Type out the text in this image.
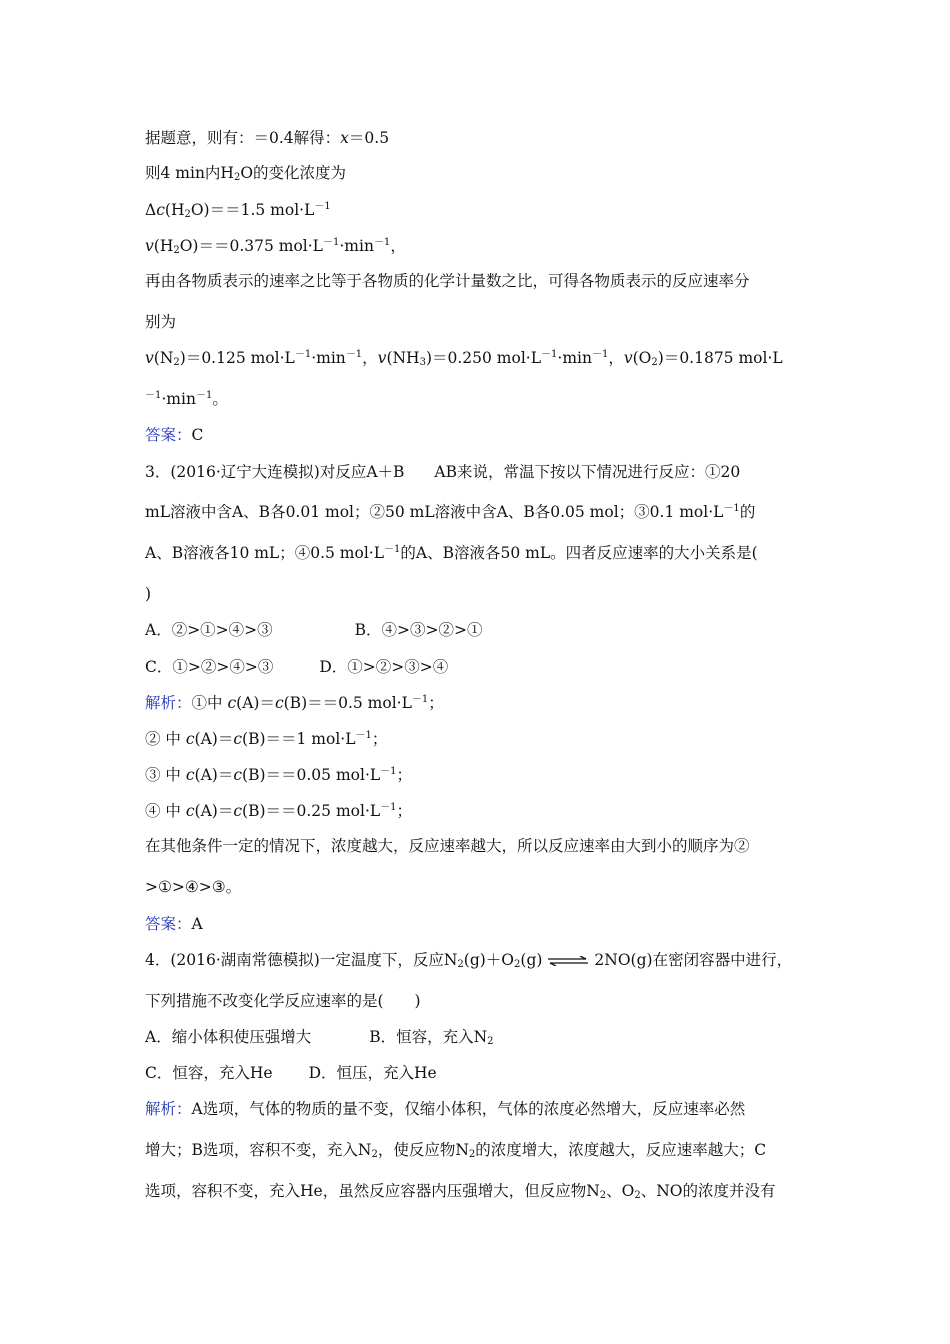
据题意，则有：＝0.4解得：x＝0.5
则4 min内$H_2O$的变化浓度为
$\Delta c(H_2O)==1.5$ $mol\cdot L^{-1}$
$v(H_2O)==0.375$ $mol\cdot L^{-1}\cdot\min^{-1}$，
再由各物质表示的速率之比等于各物质的化学计量数之比，可得各物质表示的反应速率分
别为
$v(N_2)=0.125$ $mol\cdot L^{-1}\cdot\min^{-1}$，$v(NH_3)=0.250$ $mol\cdot L^{-1}\cdot\min^{-1}$，$v(O_2)=0.1875$ mol·L
$^{-1}\cdot\min^{-1}$。
答案：C
3．(2016·辽宁大连模拟)对反应A＋B AB来说，常温下按以下情况进行反应：①20
mL溶液中含A、B各0.01 mol；②50 mL溶液中含A、B各0.05 mol；③0.1 $mol\cdot L^{-1}$的
A、B溶液各10 mL；④0.5 $mol\cdot L^{-1}$的A、B溶液各50 mL。四者反应速率的大小关系是(
)
A．②>①>④>③	B．④>③>②>①
C．①>②>④>③	D．①>②>③>④
解析：①中 c(A)＝c(B)＝＝0.5 $mol\cdot L^{-1}$；
② 中 c(A)＝c(B)＝＝1 $mol\cdot L^{-1}$；
③ 中 c(A)＝c(B)＝＝0.05 $mol\cdot L^{-1}$；
④ 中 c(A)＝c(B)＝＝0.25 $mol\cdot L^{-1}$；
在其他条件一定的情况下，浓度越大，反应速率越大，所以反应速率由大到小的顺序为②
>①>④>③。
答案：A
4．(2016·湖南常德模拟)一定温度下，反应$N_2(g)+O_2(g)$ ⇌ 2NO(g)在密闭容器中进行，
下列措施不改变化学反应速率的是(　　)
A．缩小体积使压强增大	B．恒容，充入$N_2$
C．恒容，充入He D．恒压，充入He
解析：A选项，气体的物质的量不变，仅缩小体积，气体的浓度必然增大，反应速率必然
增大；B选项，容积不变，充入$N_2$，使反应物$N_2$的浓度增大，浓度越大，反应速率越大；C
选项，容积不变，充入He，虽然反应容器内压强增大，但反应物$N_2$、$O_2$、NO的浓度并没有
